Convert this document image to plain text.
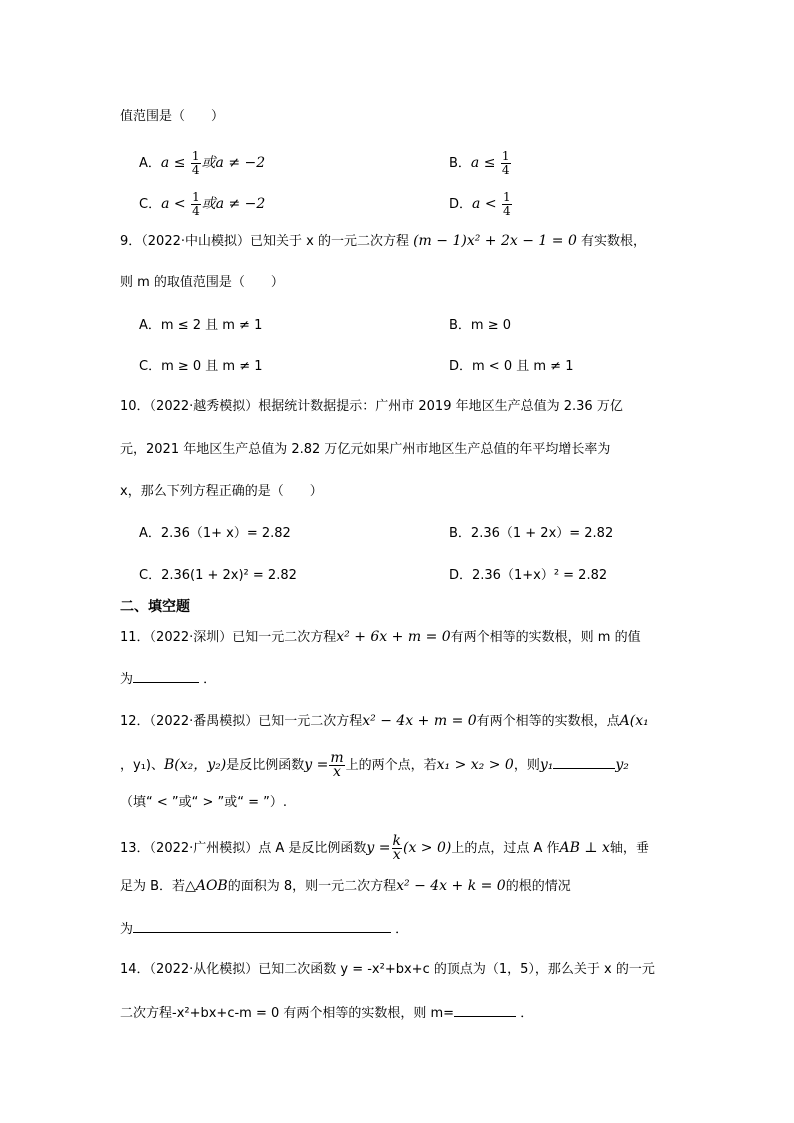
值范围是（　　）
A．$a \le \frac{1}{4}$ 或a ≠ −2	B．$a \le \frac{1}{4}$
C．$a < \frac{1}{4}$ 或a ≠ −2	D．$a < \frac{1}{4}$
9．（2022·中山模拟）已知关于 x 的一元二次方程 (m − 1)x² + 2x − 1 = 0 有实数根，
则 m 的取值范围是（　　）
A．m ≤ 2 且 m ≠ 1	B．m ≥ 0
C．m ≥ 0 且 m ≠ 1	D．m < 0 且 m ≠ 1
10．（2022·越秀模拟）根据统计数据提示：广州市 2019 年地区生产总值为 2.36 万亿
元，2021 年地区生产总值为 2.82 万亿元如果广州市地区生产总值的年平均增长率为
x，那么下列方程正确的是（　　）
A．2.36（1+ x）= 2.82	B．2.36（1 + 2x）= 2.82
C．2.36(1 + 2x)² = 2.82	D．2.36（1+x）² = 2.82
二、填空题
11．（2022·深圳）已知一元二次方程x² + 6x + m = 0有两个相等的实数根，则 m 的值
为	．
12．（2022·番禺模拟）已知一元二次方程x² − 4x + m = 0有两个相等的实数根，点A(x₁
，y₁)、B(x₂，y₂)是反比例函数$y = \frac{m}{x}$ 上的两个点，若x₁ > x₂ > 0，则y₁	y₂
（填“ < ”或“ > ”或“ = ”）.
13．（2022·广州模拟）点 A 是反比例函数$y = \frac{k}{x} (x > 0)$上的点，过点 A 作AB ⊥ x轴，垂
足为 B．若△AOB的面积为 8，则一元二次方程x² − 4x + k = 0的根的情况
为	．
14．（2022·从化模拟）已知二次函数 y = -x²+bx+c 的顶点为（1，5），那么关于 x 的一元
二次方程-x²+bx+c-m = 0 有两个相等的实数根，则 m=	．
